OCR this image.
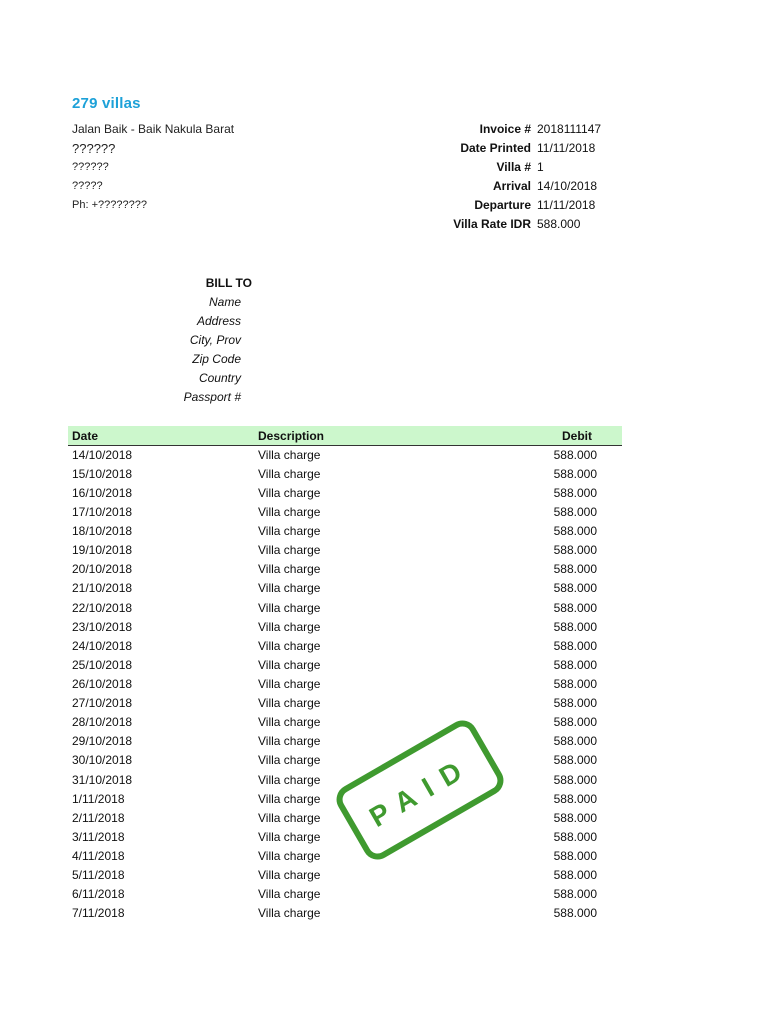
279 villas
Jalan Baik - Baik Nakula Barat
??????
??????
?????
Ph: +????????
Invoice # 2018111147
Date Printed 11/11/2018
Villa # 1
Arrival 14/10/2018
Departure 11/11/2018
Villa Rate IDR 588.000
BILL TO
Name
Address
City, Prov
Zip Code
Country
Passport #
Date	Description	Debit
14/10/2018	Villa charge	588.000
15/10/2018	Villa charge	588.000
16/10/2018	Villa charge	588.000
17/10/2018	Villa charge	588.000
18/10/2018	Villa charge	588.000
19/10/2018	Villa charge	588.000
20/10/2018	Villa charge	588.000
21/10/2018	Villa charge	588.000
22/10/2018	Villa charge	588.000
23/10/2018	Villa charge	588.000
24/10/2018	Villa charge	588.000
25/10/2018	Villa charge	588.000
26/10/2018	Villa charge	588.000
27/10/2018	Villa charge	588.000
28/10/2018	Villa charge	588.000
29/10/2018	Villa charge	588.000
30/10/2018	Villa charge	588.000
31/10/2018	Villa charge	588.000
1/11/2018	Villa charge	588.000
2/11/2018	Villa charge	588.000
3/11/2018	Villa charge	588.000
4/11/2018	Villa charge	588.000
5/11/2018	Villa charge	588.000
6/11/2018	Villa charge	588.000
7/11/2018	Villa charge	588.000
PAID
